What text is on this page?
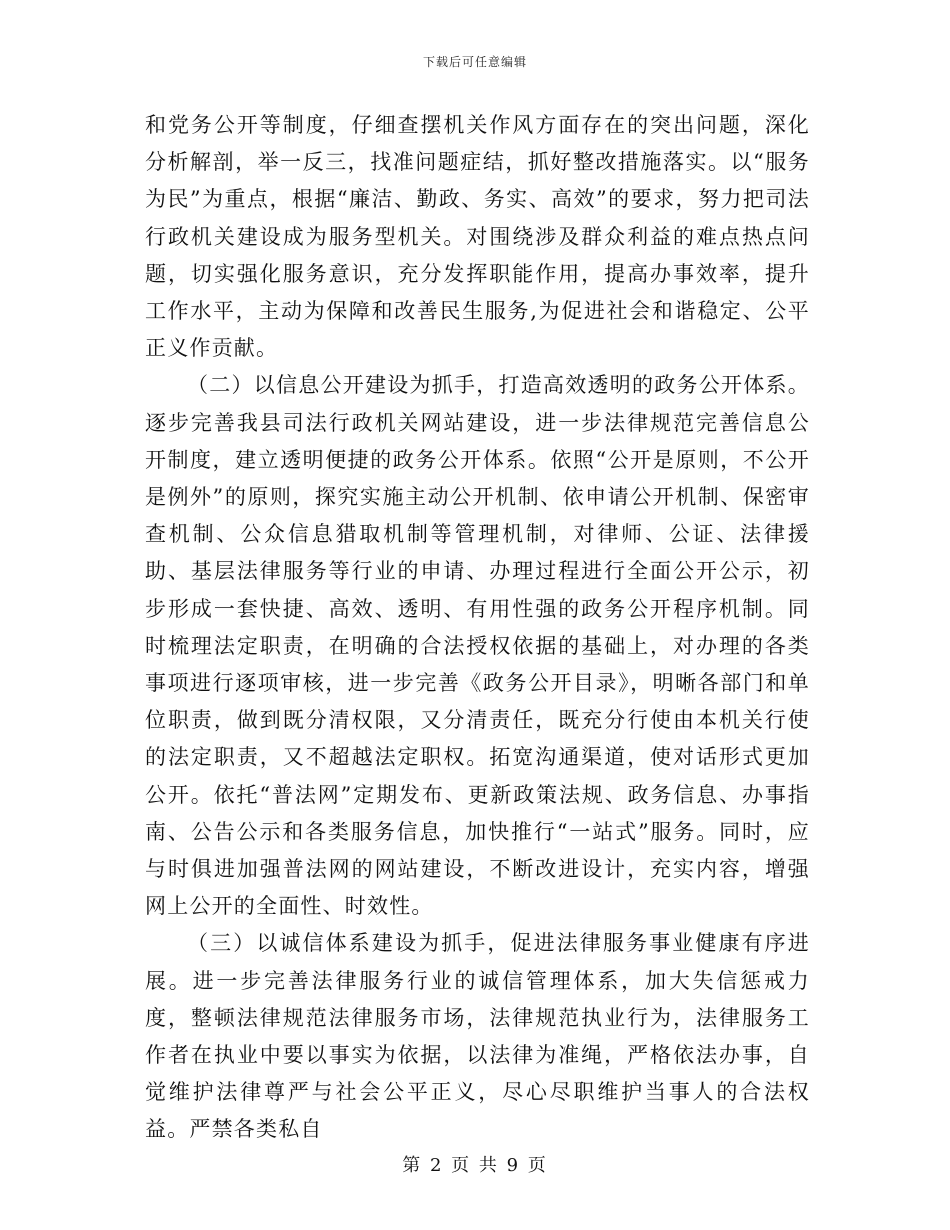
下载后可任意编辑

和党务公开等制度，仔细查摆机关作风方面存在的突出问题，深化分析解剖，举一反三，找准问题症结，抓好整改措施落实。以“服务为民”为重点，根据“廉洁、勤政、务实、高效”的要求，努力把司法行政机关建设成为服务型机关。对围绕涉及群众利益的难点热点问题，切实强化服务意识，充分发挥职能作用，提高办事效率，提升工作水平，主动为保障和改善民生服务,为促进社会和谐稳定、公平正义作贡献。

（二）以信息公开建设为抓手，打造高效透明的政务公开体系。逐步完善我县司法行政机关网站建设，进一步法律规范完善信息公开制度，建立透明便捷的政务公开体系。依照“公开是原则，不公开是例外”的原则，探究实施主动公开机制、依申请公开机制、保密审查机制、公众信息猎取机制等管理机制，对律师、公证、法律援助、基层法律服务等行业的申请、办理过程进行全面公开公示，初步形成一套快捷、高效、透明、有用性强的政务公开程序机制。同时梳理法定职责，在明确的合法授权依据的基础上，对办理的各类事项进行逐项审核，进一步完善《政务公开目录》，明晰各部门和单位职责，做到既分清权限，又分清责任，既充分行使由本机关行使的法定职责，又不超越法定职权。拓宽沟通渠道，使对话形式更加公开。依托“普法网”定期发布、更新政策法规、政务信息、办事指南、公告公示和各类服务信息，加快推行“一站式”服务。同时，应与时俱进加强普法网的网站建设，不断改进设计，充实内容，增强网上公开的全面性、时效性。

（三）以诚信体系建设为抓手，促进法律服务事业健康有序进展。进一步完善法律服务行业的诚信管理体系，加大失信惩戒力度，整顿法律规范法律服务市场，法律规范执业行为，法律服务工作者在执业中要以事实为依据，以法律为准绳，严格依法办事，自觉维护法律尊严与社会公平正义，尽心尽职维护当事人的合法权益。严禁各类私自

第 2 页 共 9 页
